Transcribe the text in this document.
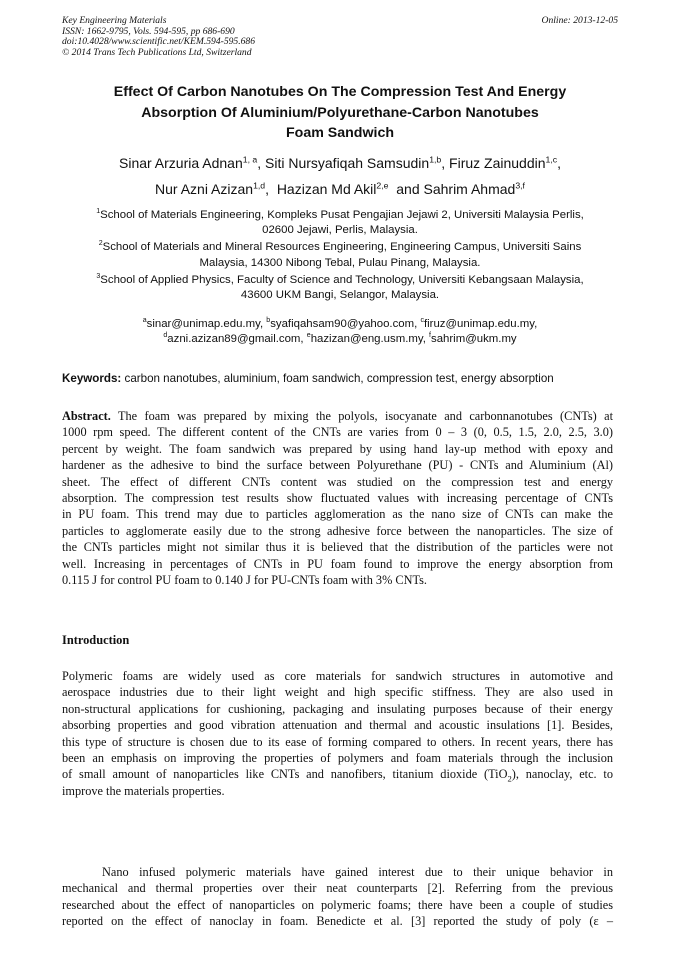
Key Engineering Materials
ISSN: 1662-9795, Vols. 594-595, pp 686-690
doi:10.4028/www.scientific.net/KEM.594-595.686
© 2014 Trans Tech Publications Ltd, Switzerland
Online: 2013-12-05
Effect Of Carbon Nanotubes On The Compression Test And Energy
Absorption Of Aluminium/Polyurethane-Carbon Nanotubes
Foam Sandwich
Sinar Arzuria Adnan$^{1, a}$, Siti Nursyafiqah Samsudin$^{1,b}$, Firuz Zainuddin$^{1,c}$,
Nur Azni Azizan$^{1,d}$,  Hazizan Md Akil$^{2,e}$ and Sahrim Ahmad$^{3,f}$
$^1$School of Materials Engineering, Kompleks Pusat Pengajian Jejawi 2, Universiti Malaysia Perlis,
02600 Jejawi, Perlis, Malaysia.
$^2$School of Materials and Mineral Resources Engineering, Engineering Campus, Universiti Sains
Malaysia, 14300 Nibong Tebal, Pulau Pinang, Malaysia.
$^3$School of Applied Physics, Faculty of Science and Technology, Universiti Kebangsaan Malaysia,
43600 UKM Bangi, Selangor, Malaysia.
$^a$sinar@unimap.edu.my, $^b$syafiqahsam90@yahoo.com, $^c$firuz@unimap.edu.my,
$^d$azni.azizan89@gmail.com, $^e$hazizan@eng.usm.my, $^f$sahrim@ukm.my
Keywords: carbon nanotubes, aluminium, foam sandwich, compression test, energy absorption
Abstract. The foam was prepared by mixing the polyols, isocyanate and carbonnanotubes (CNTs) at
1000 rpm speed. The different content of the CNTs are varies from 0 – 3 (0, 0.5, 1.5, 2.0, 2.5, 3.0)
percent by weight. The foam sandwich was prepared by using hand lay-up method with epoxy and
hardener as the adhesive to bind the surface between Polyurethane (PU) - CNTs and Aluminium (Al)
sheet. The effect of different CNTs content was studied on the compression test and energy
absorption. The compression test results show fluctuated values with increasing percentage of CNTs
in PU foam. This trend may due to particles agglomeration as the nano size of CNTs can make the
particles to agglomerate easily due to the strong adhesive force between the nanoparticles. The size of
the CNTs particles might not similar thus it is believed that the distribution of the particles were not
well. Increasing in percentages of CNTs in PU foam found to improve the energy absorption from
0.115 J for control PU foam to 0.140 J for PU-CNTs foam with 3% CNTs.
Introduction
Polymeric foams are widely used as core materials for sandwich structures in automotive and
aerospace industries due to their light weight and high specific stiffness. They are also used in
non-structural applications for cushioning, packaging and insulating purposes because of their energy
absorbing properties and good vibration attenuation and thermal and acoustic insulations [1]. Besides,
this type of structure is chosen due to its ease of forming compared to others. In recent years, there has
been an emphasis on improving the properties of polymers and foam materials through the inclusion
of small amount of nanoparticles like CNTs and nanofibers, titanium dioxide (TiO$_2$), nanoclay, etc. to
improve the materials properties.
Nano infused polymeric materials have gained interest due to their unique behavior in
mechanical and thermal properties over their neat counterparts [2]. Referring from the previous
researched about the effect of nanoparticles on polymeric foams; there have been a couple of studies
reported on the effect of nanoclay in foam. Benedicte et al. [3] reported the study of poly (ε –
